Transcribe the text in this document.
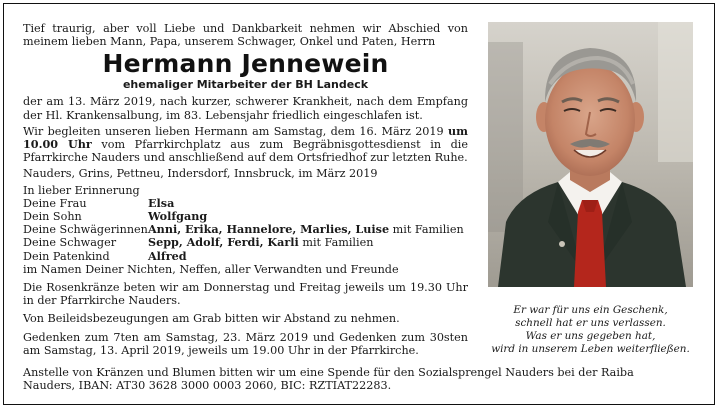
Tief traurig, aber voll Liebe und Dankbarkeit nehmen wir Abschied von meinem lieben Mann, Papa, unserem Schwager, Onkel und Paten, Herrn

Hermann Jennewein
ehemaliger Mitarbeiter der BH Landeck

der am 13. März 2019, nach kurzer, schwerer Krankheit, nach dem Empfang der Hl. Krankensalbung, im 83. Lebensjahr friedlich eingeschlafen ist.

Wir begleiten unseren lieben Hermann am Samstag, dem 16. März 2019 um 10.00 Uhr vom Pfarrkirchplatz aus zum Begräbnisgottesdienst in die Pfarrkirche Nauders und anschließend auf dem Ortsfriedhof zur letzten Ruhe.

Nauders, Grins, Pettneu, Indersdorf, Innsbruck, im März 2019

In lieber Erinnerung

Deine Frau	Elsa
Dein Sohn	Wolfgang
Deine Schwägerinnen Anni, Erika, Hannelore, Marlies, Luise mit Familien
Deine Schwager	Sepp, Adolf, Ferdi, Karli mit Familien
Dein Patenkind	Alfred

im Namen Deiner Nichten, Neffen, aller Verwandten und Freunde

Die Rosenkränze beten wir am Donnerstag und Freitag jeweils um 19.30 Uhr in der Pfarrkirche Nauders.

Von Beileidsbezeugungen am Grab bitten wir Abstand zu nehmen.

Gedenken zum 7ten am Samstag, 23. März 2019 und Gedenken zum 30sten am Samstag, 13. April 2019, jeweils um 19.00 Uhr in der Pfarrkirche.

Anstelle von Kränzen und Blumen bitten wir um eine Spende für den Sozialsprengel Nauders bei der Raiba Nauders, IBAN: AT30 3628 3000 0003 2060, BIC: RZTIAT22283.

Er war für uns ein Geschenk,
schnell hat er uns verlassen.
Was er uns gegeben hat,
wird in unserem Leben weiterfließen.
